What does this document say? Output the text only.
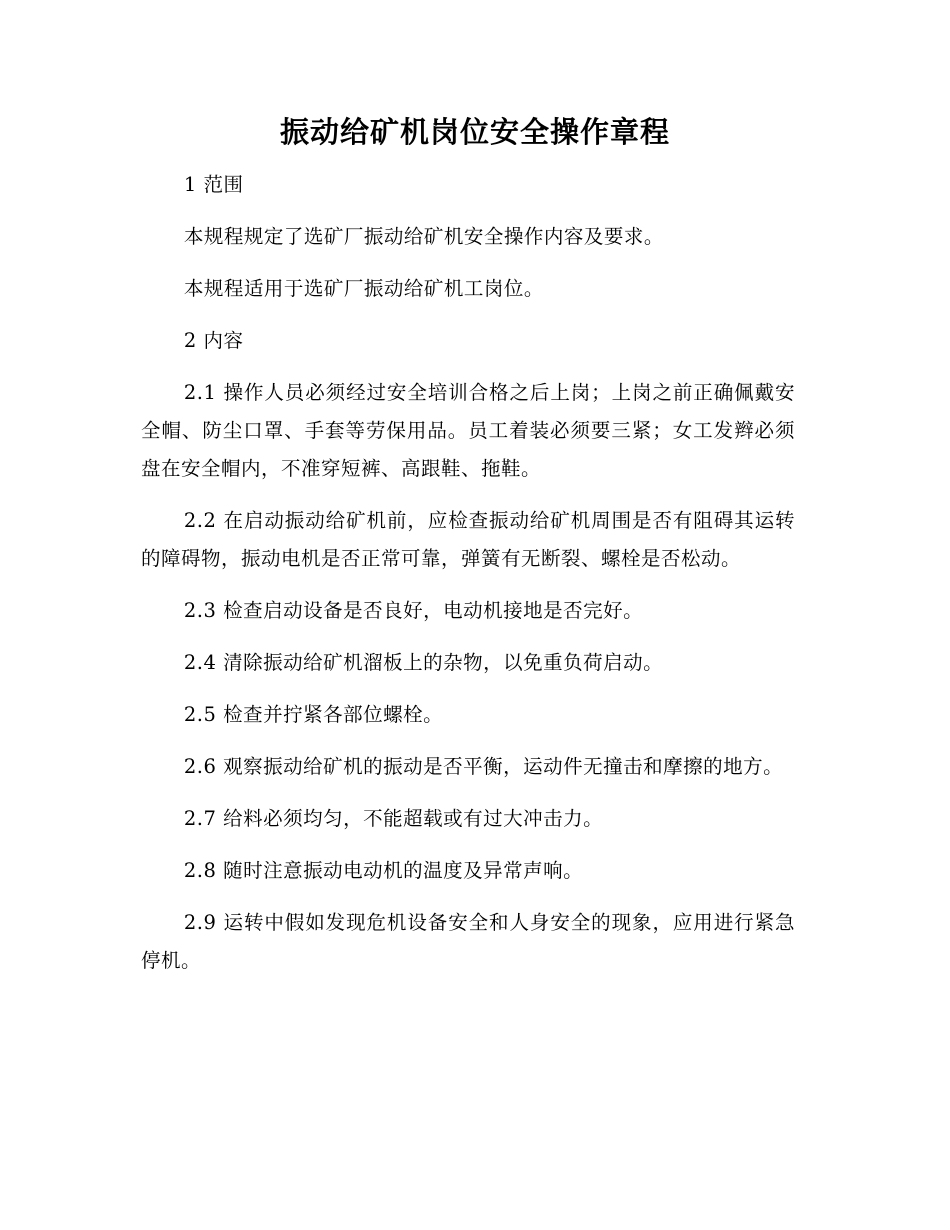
振动给矿机岗位安全操作章程

1 范围

本规程规定了选矿厂振动给矿机安全操作内容及要求。

本规程适用于选矿厂振动给矿机工岗位。

2 内容

2.1 操作人员必须经过安全培训合格之后上岗；上岗之前正确佩戴安全帽、防尘口罩、手套等劳保用品。员工着装必须要三紧；女工发辫必须盘在安全帽内，不准穿短裤、高跟鞋、拖鞋。

2.2 在启动振动给矿机前，应检查振动给矿机周围是否有阻碍其运转的障碍物，振动电机是否正常可靠，弹簧有无断裂、螺栓是否松动。

2.3 检查启动设备是否良好，电动机接地是否完好。

2.4 清除振动给矿机溜板上的杂物，以免重负荷启动。

2.5 检查并拧紧各部位螺栓。

2.6 观察振动给矿机的振动是否平衡，运动件无撞击和摩擦的地方。

2.7 给料必须均匀，不能超载或有过大冲击力。

2.8 随时注意振动电动机的温度及异常声响。

2.9 运转中假如发现危机设备安全和人身安全的现象，应用进行紧急停机。
